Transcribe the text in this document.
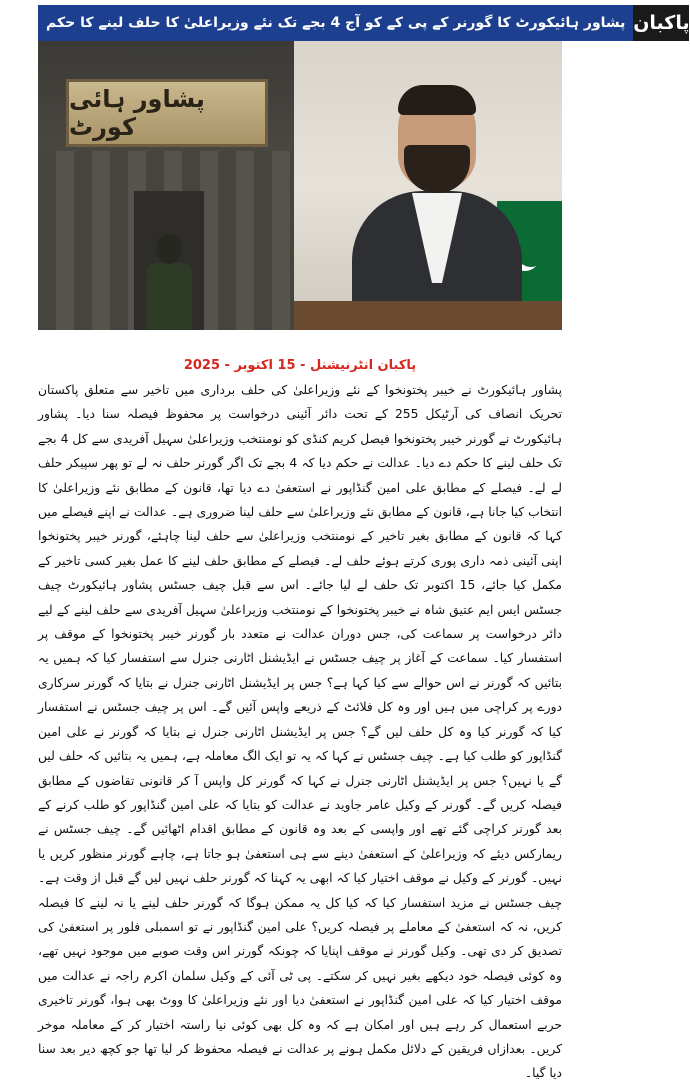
پشاور ہائیکورٹ کا گورنر کے پی کے کو آج 4 بجے تک نئے وزیراعلیٰ کا حلف لینے کا حکم پاکبان
پشاور ہائی کورٹ
پاکبان انٹرنیشنل - 15 اکتوبر - 2025
پشاور ہائیکورٹ نے خیبر پختونخوا کے نئے وزیراعلیٰ کی حلف برداری میں تاخیر سے متعلق پاکستان تحریک انصاف کی آرٹیکل 255 کے تحت دائر آئینی درخواست پر محفوظ فیصلہ سنا دیا۔ پشاور ہائیکورٹ نے گورنر خیبر پختونخوا فیصل کریم کنڈی کو نومنتخب وزیراعلیٰ سہیل آفریدی سے کل 4 بجے تک حلف لینے کا حکم دے دیا۔ عدالت نے حکم دیا کہ 4 بجے تک اگر گورنر حلف نہ لے تو پھر سپیکر حلف لے لے۔ فیصلے کے مطابق علی امین گنڈاپور نے استعفیٰ دے دیا تھا، قانون کے مطابق نئے وزیراعلیٰ کا انتخاب کیا جانا ہے، قانون کے مطابق نئے وزیراعلیٰ سے حلف لینا ضروری ہے۔ عدالت نے اپنے فیصلے میں کہا کہ قانون کے مطابق بغیر تاخیر کے نومنتخب وزیراعلیٰ سے حلف لینا چاہئے، گورنر خیبر پختونخوا اپنی آئینی ذمہ داری پوری کرتے ہوئے حلف لے۔ فیصلے کے مطابق حلف لینے کا عمل بغیر کسی تاخیر کے مکمل کیا جائے، 15 اکتوبر تک حلف لے لیا جائے۔ اس سے قبل چیف جسٹس پشاور ہائیکورٹ چیف جسٹس ایس ایم عتیق شاہ نے خیبر پختونخوا کے نومنتخب وزیراعلیٰ سہیل آفریدی سے حلف لینے کے لیے دائر درخواست پر سماعت کی، جس دوران عدالت نے متعدد بار گورنر خیبر پختونخوا کے موقف پر استفسار کیا۔ سماعت کے آغاز پر چیف جسٹس نے ایڈیشنل اٹارنی جنرل سے استفسار کیا کہ ہمیں یہ بتائیں کہ گورنر نے اس حوالے سے کیا کہا ہے؟ جس پر ایڈیشنل اٹارنی جنرل نے بتایا کہ گورنر سرکاری دورے پر کراچی میں ہیں اور وہ کل فلائٹ کے ذریعے واپس آئیں گے۔ اس پر چیف جسٹس نے استفسار کیا کہ گورنر کیا وہ کل حلف لیں گے؟ جس پر ایڈیشنل اٹارنی جنرل نے بتایا کہ گورنر نے علی امین گنڈاپور کو طلب کیا ہے۔ چیف جسٹس نے کہا کہ یہ تو ایک الگ معاملہ ہے، ہمیں یہ بتائیں کہ حلف لیں گے یا نہیں؟ جس پر ایڈیشنل اٹارنی جنرل نے کہا کہ گورنر کل واپس آ کر قانونی تقاضوں کے مطابق فیصلہ کریں گے۔ گورنر کے وکیل عامر جاوید نے عدالت کو بتایا کہ علی امین گنڈاپور کو طلب کرنے کے بعد گورنر کراچی گئے تھے اور واپسی کے بعد وہ قانون کے مطابق اقدام اٹھائیں گے۔ چیف جسٹس نے ریمارکس دیئے کہ وزیراعلیٰ کے استعفیٰ دینے سے ہی استعفیٰ ہو جاتا ہے، چاہے گورنر منظور کریں یا نہیں۔ گورنر کے وکیل نے موقف اختیار کیا کہ ابھی یہ کہنا کہ گورنر حلف نہیں لیں گے قبل از وقت ہے۔ چیف جسٹس نے مزید استفسار کیا کہ کیا کل یہ ممکن ہوگا کہ گورنر حلف لینے یا نہ لینے کا فیصلہ کریں، نہ کہ استعفیٰ کے معاملے پر فیصلہ کریں؟ علی امین گنڈاپور نے تو اسمبلی فلور پر استعفیٰ کی تصدیق کر دی تھی۔ وکیل گورنر نے موقف اپنایا کہ چونکہ گورنر اس وقت صوبے میں موجود نہیں تھے، وہ کوئی فیصلہ خود دیکھے بغیر نہیں کر سکتے۔ پی ٹی آئی کے وکیل سلمان اکرم راجہ نے عدالت میں موقف اختیار کیا کہ علی امین گنڈاپور نے استعفیٰ دیا اور نئے وزیراعلیٰ کا ووٹ بھی ہوا، گورنر تاخیری حربے استعمال کر رہے ہیں اور امکان ہے کہ وہ کل بھی کوئی نیا راستہ اختیار کر کے معاملہ موخر کریں۔ بعدازاں فریقین کے دلائل مکمل ہونے پر عدالت نے فیصلہ محفوظ کر لیا تھا جو کچھ دیر بعد سنا دیا گیا۔
